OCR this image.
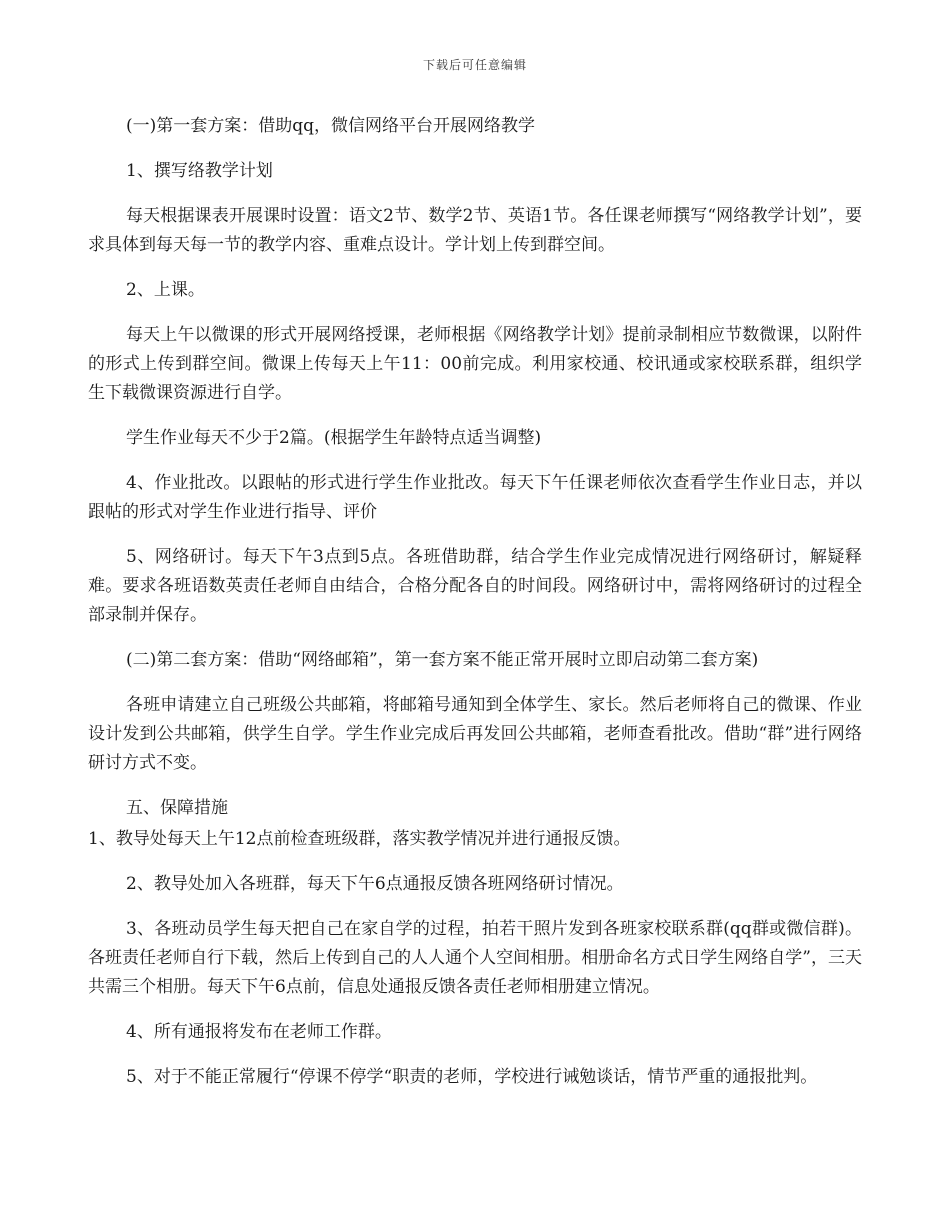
下载后可任意编辑

(一)第一套方案：借助qq，微信网络平台开展网络教学

1、撰写络教学计划

每天根据课表开展课时设置：语文2节、数学2节、英语1节。各任课老师撰写“网络教学计划”，要求具体到每天每一节的教学内容、重难点设计。学计划上传到群空间。

2、上课。

每天上午以微课的形式开展网络授课，老师根据《网络教学计划》提前录制相应节数微课，以附件的形式上传到群空间。微课上传每天上午11：00前完成。利用家校通、校讯通或家校联系群，组织学生下载微课资源进行自学。

学生作业每天不少于2篇。(根据学生年龄特点适当调整)

4、作业批改。以跟帖的形式进行学生作业批改。每天下午任课老师依次查看学生作业日志，并以跟帖的形式对学生作业进行指导、评价

5、网络研讨。每天下午3点到5点。各班借助群，结合学生作业完成情况进行网络研讨，解疑释难。要求各班语数英责任老师自由结合，合格分配各自的时间段。网络研讨中，需将网络研讨的过程全部录制并保存。

(二)第二套方案：借助“网络邮箱”，第一套方案不能正常开展时立即启动第二套方案)

各班申请建立自己班级公共邮箱，将邮箱号通知到全体学生、家长。然后老师将自己的微课、作业设计发到公共邮箱，供学生自学。学生作业完成后再发回公共邮箱，老师查看批改。借助“群”进行网络研讨方式不变。

五、保障措施

1、教导处每天上午12点前检查班级群，落实教学情况并进行通报反馈。

2、教导处加入各班群，每天下午6点通报反馈各班网络研讨情况。

3、各班动员学生每天把自己在家自学的过程，拍若干照片发到各班家校联系群(qq群或微信群)。各班责任老师自行下载，然后上传到自己的人人通个人空间相册。相册命名方式日学生网络自学”，三天共需三个相册。每天下午6点前，信息处通报反馈各责任老师相册建立情况。

4、所有通报将发布在老师工作群。

5、对于不能正常履行“停课不停学“职责的老师，学校进行诫勉谈话，情节严重的通报批判。
